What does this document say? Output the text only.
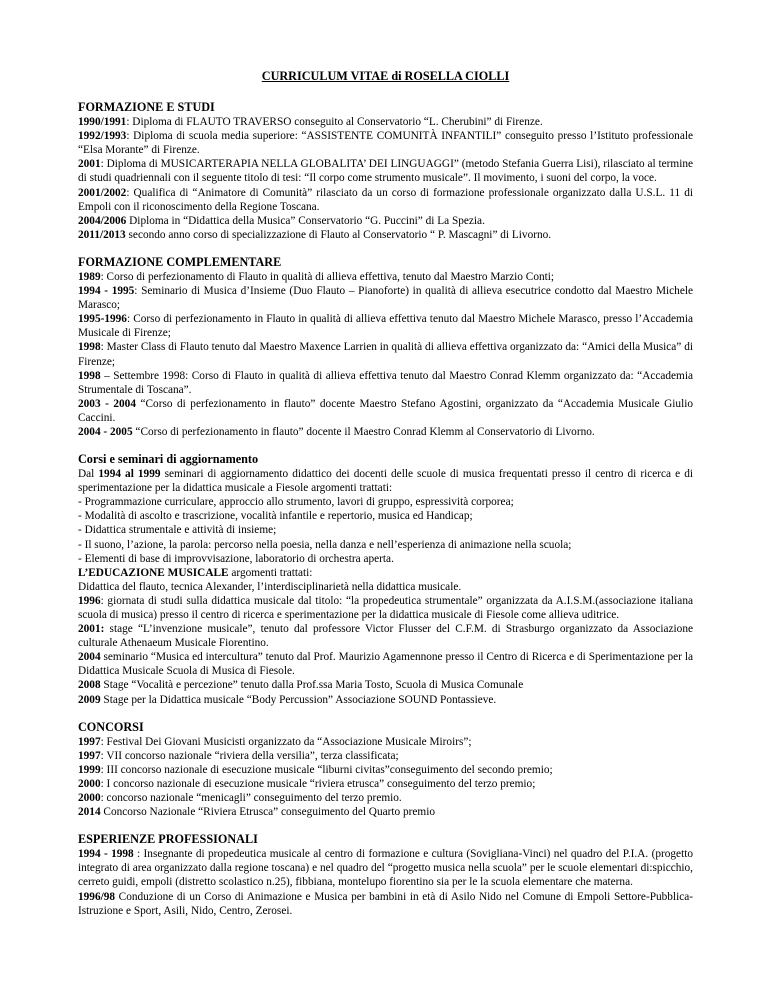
CURRICULUM VITAE di ROSELLA CIOLLI
FORMAZIONE E STUDI
1990/1991: Diploma di FLAUTO TRAVERSO conseguito al Conservatorio “L. Cherubini” di Firenze.
1992/1993: Diploma di scuola media superiore: “ASSISTENTE COMUNITÀ INFANTILI” conseguito presso l’Istituto professionale “Elsa Morante” di Firenze.
2001: Diploma di MUSICARTERAPIA NELLA GLOBALITA’ DEI LINGUAGGI” (metodo Stefania Guerra Lisi), rilasciato al termine di studi quadriennali con il seguente titolo di tesi: “Il corpo come strumento musicale”. Il movimento, i suoni del corpo, la voce.
2001/2002: Qualifica di “Animatore di Comunità” rilasciato da un corso di formazione professionale organizzato dalla U.S.L. 11 di Empoli con il riconoscimento della Regione Toscana.
2004/2006 Diploma in “Didattica della Musica” Conservatorio “G. Puccini” di La Spezia.
2011/2013 secondo anno corso di specializzazione di Flauto al Conservatorio “ P. Mascagni” di Livorno.
FORMAZIONE COMPLEMENTARE
1989: Corso di perfezionamento di Flauto in qualità di allieva effettiva, tenuto dal Maestro Marzio Conti;
1994 - 1995: Seminario di Musica d’Insieme (Duo Flauto – Pianoforte) in qualità di allieva esecutrice condotto dal Maestro Michele Marasco;
1995-1996: Corso di perfezionamento in Flauto in qualità di allieva effettiva tenuto dal Maestro Michele Marasco, presso l’Accademia Musicale di Firenze;
1998: Master Class di Flauto tenuto dal Maestro Maxence Larrien in qualità di allieva effettiva organizzato da: “Amici della Musica” di Firenze;
1998 – Settembre 1998: Corso di Flauto in qualità di allieva effettiva tenuto dal Maestro Conrad Klemm organizzato da: “Accademia Strumentale di Toscana”.
2003 - 2004 “Corso di perfezionamento in flauto” docente Maestro Stefano Agostini, organizzato da “Accademia Musicale Giulio Caccini.
2004 - 2005 “Corso di perfezionamento in flauto” docente il Maestro Conrad Klemm al Conservatorio di Livorno.
Corsi e seminari di aggiornamento
Dal 1994 al 1999 seminari di aggiornamento didattico dei docenti delle scuole di musica frequentati presso il centro di ricerca e di sperimentazione per la didattica musicale a Fiesole argomenti trattati:
- Programmazione curriculare, approccio allo strumento, lavori di gruppo, espressività corporea;
- Modalità di ascolto e trascrizione, vocalità infantile e repertorio, musica ed Handicap;
- Didattica strumentale e attività di insieme;
- Il suono, l’azione, la parola: percorso nella poesia, nella danza e nell’esperienza di animazione nella scuola;
- Elementi di base di improvvisazione, laboratorio di orchestra aperta.
L’EDUCAZIONE MUSICALE argomenti trattati:
Didattica del flauto, tecnica Alexander, l’interdisciplinarietà nella didattica musicale.
1996: giornata di studi sulla didattica musicale dal titolo: “la propedeutica strumentale” organizzata da A.I.S.M.(associazione italiana scuola di musica) presso il centro di ricerca e sperimentazione per la didattica musicale di Fiesole come allieva uditrice.
2001: stage “L’invenzione musicale”, tenuto dal professore Victor Flusser del C.F.M. di Strasburgo organizzato da Associazione culturale Athenaeum Musicale Fiorentino.
2004 seminario “Musica ed intercultura” tenuto dal Prof. Maurizio Agamennone presso il Centro di Ricerca e di Sperimentazione per la Didattica Musicale Scuola di Musica di Fiesole.
2008 Stage “Vocalità e percezione” tenuto dalla Prof.ssa Maria Tosto, Scuola di Musica Comunale
2009 Stage per la Didattica musicale “Body Percussion” Associazione SOUND Pontassieve.
CONCORSI
1997: Festival Dei Giovani Musicisti organizzato da “Associazione Musicale Miroirs”;
1997: VII concorso nazionale “riviera della versilia”, terza classificata;
1999: III concorso nazionale di esecuzione musicale “liburni civitas”conseguimento del secondo premio;
2000: I concorso nazionale di esecuzione musicale “riviera etrusca” conseguimento del terzo premio;
2000: concorso nazionale “menicagli” conseguimento del terzo premio.
2014 Concorso Nazionale “Riviera Etrusca” conseguimento del Quarto premio
ESPERIENZE PROFESSIONALI
1994 - 1998 : Insegnante di propedeutica musicale al centro di formazione e cultura (Sovigliana-Vinci) nel quadro del P.I.A. (progetto integrato di area organizzato dalla regione toscana) e nel quadro del “progetto musica nella scuola” per le scuole elementari di:spicchio, cerreto guidi, empoli (distretto scolastico n.25), fibbiana, montelupo fiorentino sia per le la scuola elementare che materna.
1996/98 Conduzione di un Corso di Animazione e Musica per bambini in età di Asilo Nido nel Comune di Empoli Settore-Pubblica-Istruzione e Sport, Asili, Nido, Centro, Zerosei.
